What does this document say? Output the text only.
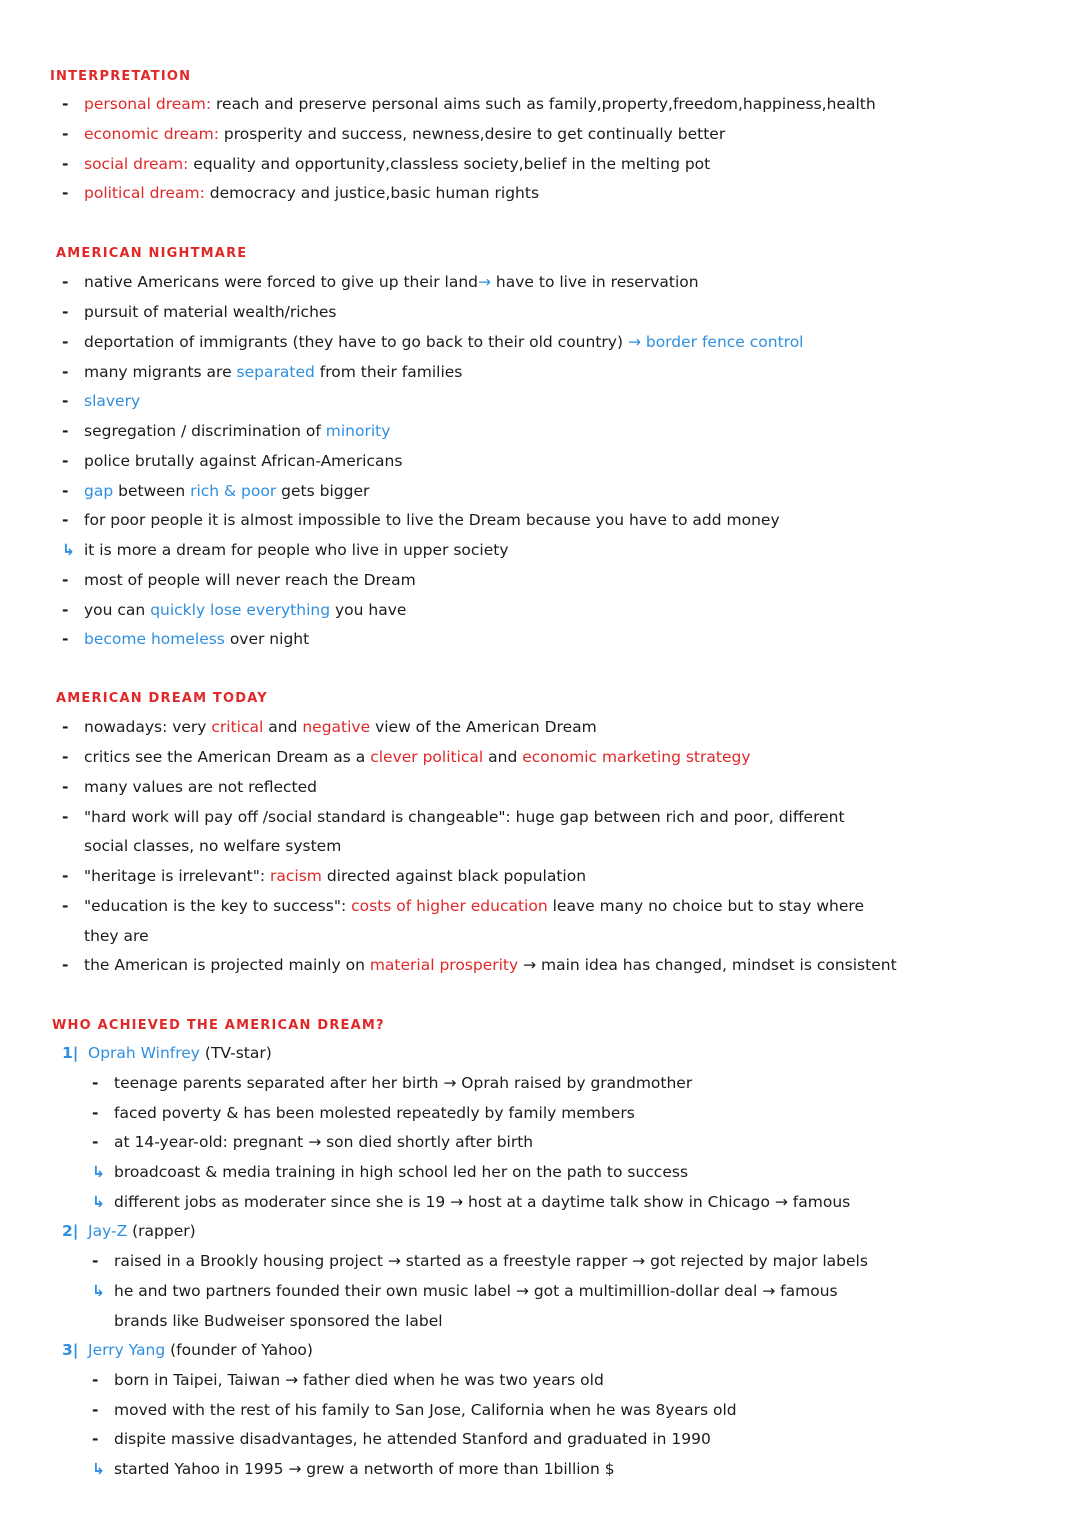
INTERPRETATION
- personal dream: reach and preserve personal aims such as family,property,freedom,happiness,health
- economic dream: prosperity and success, newness,desire to get continually better
- social dream: equality and opportunity,classless society,belief in the melting pot
- political dream: democracy and justice,basic human rights
AMERICAN NIGHTMARE
- native Americans were forced to give up their land→ have to live in reservation
- pursuit of material wealth/riches
- deportation of immigrants (they have to go back to their old country) → border fence control
- many migrants are separated from their families
- slavery
- segregation / discrimination of minority
- police brutally against African-Americans
- gap between rich & poor gets bigger
- for poor people it is almost impossible to live the Dream because you have to add money
↳ it is more a dream for people who live in upper society
- most of people will never reach the Dream
- you can quickly lose everything you have
- become homeless over night
AMERICAN DREAM TODAY
- nowadays: very critical and negative view of the American Dream
- critics see the American Dream as a clever political and economic marketing strategy
- many values are not reflected
- "hard work will pay off /social standard is changeable": huge gap between rich and poor, different
social classes, no welfare system
- "heritage is irrelevant": racism directed against black population
- "education is the key to success": costs of higher education leave many no choice but to stay where
they are
- the American is projected mainly on material prosperity → main idea has changed, mindset is consistent
WHO ACHIEVED THE AMERICAN DREAM?
1| Oprah Winfrey (TV-star)
- teenage parents separated after her birth → Oprah raised by grandmother
- faced poverty & has been molested repeatedly by family members
- at 14-year-old: pregnant → son died shortly after birth
↳ broadcoast & media training in high school led her on the path to success
↳ different jobs as moderater since she is 19 → host at a daytime talk show in Chicago → famous
2| Jay-Z (rapper)
- raised in a Brookly housing project → started as a freestyle rapper → got rejected by major labels
↳ he and two partners founded their own music label → got a multimillion-dollar deal → famous
brands like Budweiser sponsored the label
3| Jerry Yang (founder of Yahoo)
- born in Taipei, Taiwan → father died when he was two years old
- moved with the rest of his family to San Jose, California when he was 8years old
- dispite massive disadvantages, he attended Stanford and graduated in 1990
↳ started Yahoo in 1995 → grew a networth of more than 1billion $
